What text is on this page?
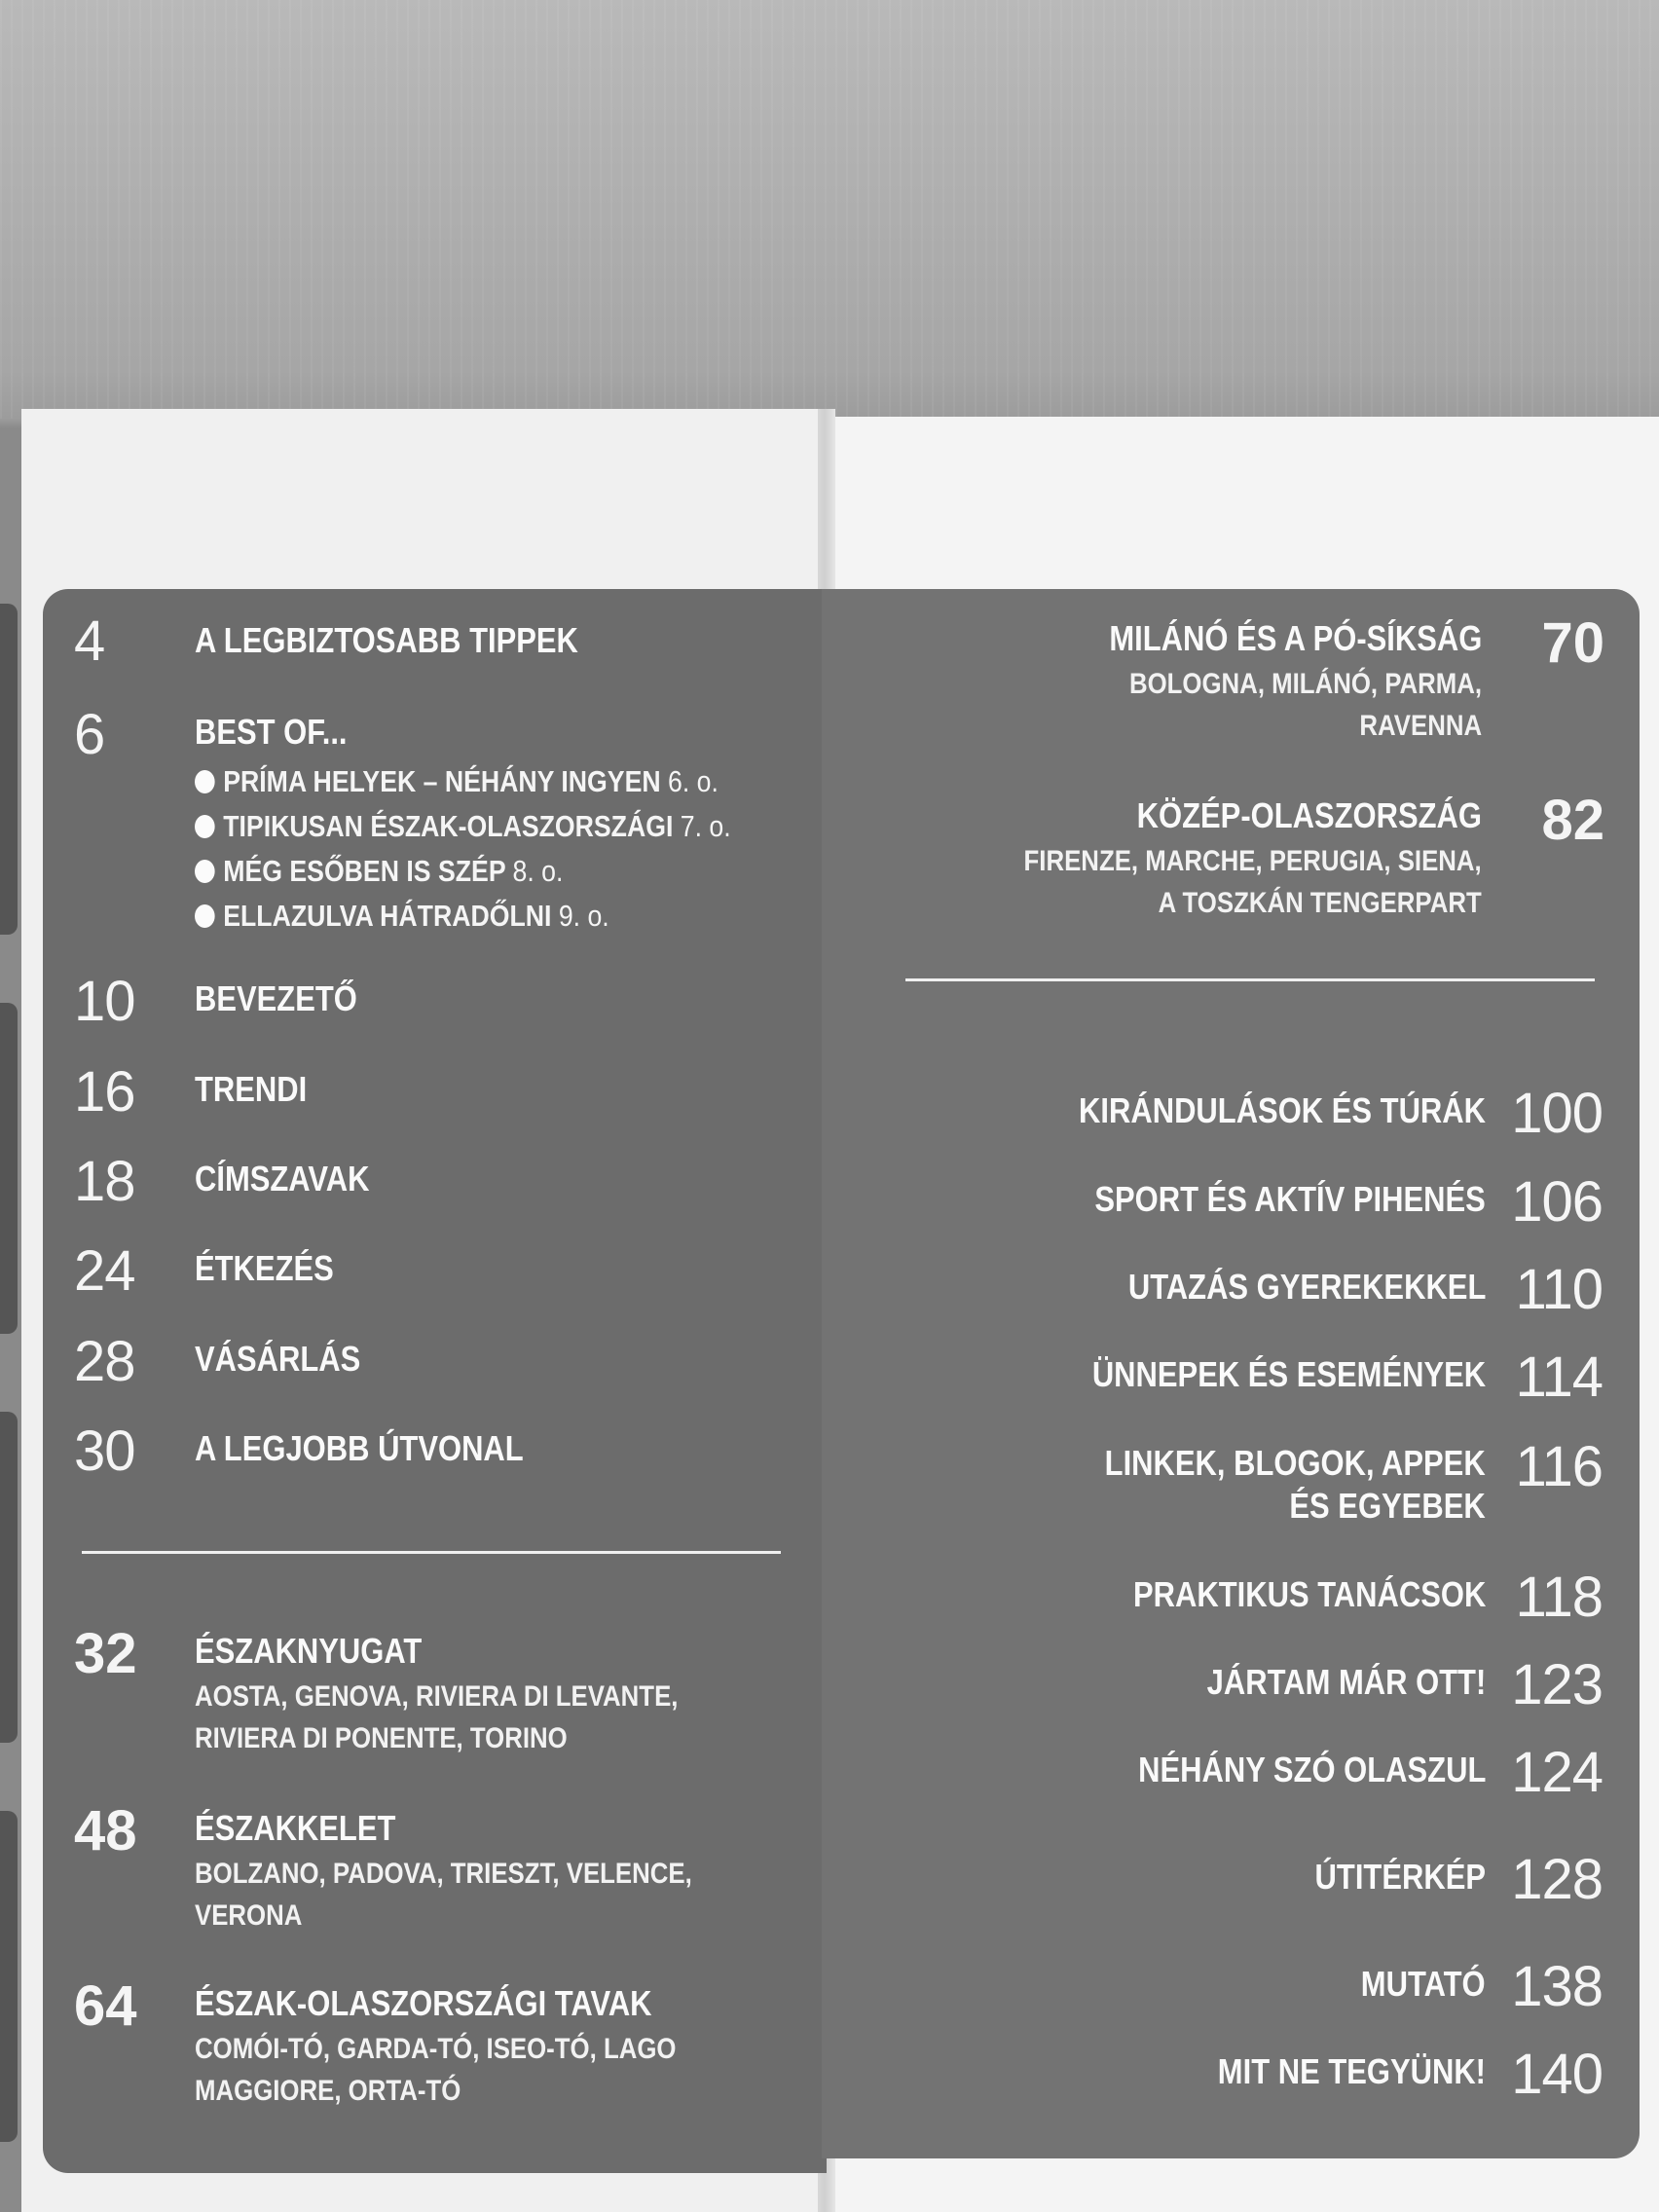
4	A LEGBIZTOSABB TIPPEK
6	BEST OF...
PRÍMA HELYEK – NÉHÁNY INGYEN 6. o.
TIPIKUSAN ÉSZAK-OLASZORSZÁGI 7. o.
MÉG ESŐBEN IS SZÉP 8. o.
ELLAZULVA HÁTRADŐLNI 9. o.
10 BEVEZETŐ
16 TRENDI
18 CÍMSZAVAK
24 ÉTKEZÉS
28 VÁSÁRLÁS
30 A LEGJOBB ÚTVONAL
32 ÉSZAKNYUGAT
AOSTA, GENOVA, RIVIERA DI LEVANTE,
RIVIERA DI PONENTE, TORINO
48 ÉSZAKKELET
BOLZANO, PADOVA, TRIESZT, VELENCE,
VERONA
64 ÉSZAK-OLASZORSZÁGI TAVAK
COMÓI-TÓ, GARDA-TÓ, ISEO-TÓ, LAGO
MAGGIORE, ORTA-TÓ
MILÁNÓ ÉS A PÓ-SÍKSÁG 70
BOLOGNA, MILÁNÓ, PARMA,
RAVENNA
KÖZÉP-OLASZORSZÁG 82
FIRENZE, MARCHE, PERUGIA, SIENA,
A TOSZKÁN TENGERPART
KIRÁNDULÁSOK ÉS TÚRÁK 100
SPORT ÉS AKTÍV PIHENÉS 106
UTAZÁS GYEREKEKKEL 110
ÜNNEPEK ÉS ESEMÉNYEK 114
LINKEK, BLOGOK, APPEK
ÉS EGYEBEK
116
PRAKTIKUS TANÁCSOK 118
JÁRTAM MÁR OTT! 123
NÉHÁNY SZÓ OLASZUL 124
ÚTITÉRKÉP 128
MUTATÓ 138
MIT NE TEGYÜNK! 140
